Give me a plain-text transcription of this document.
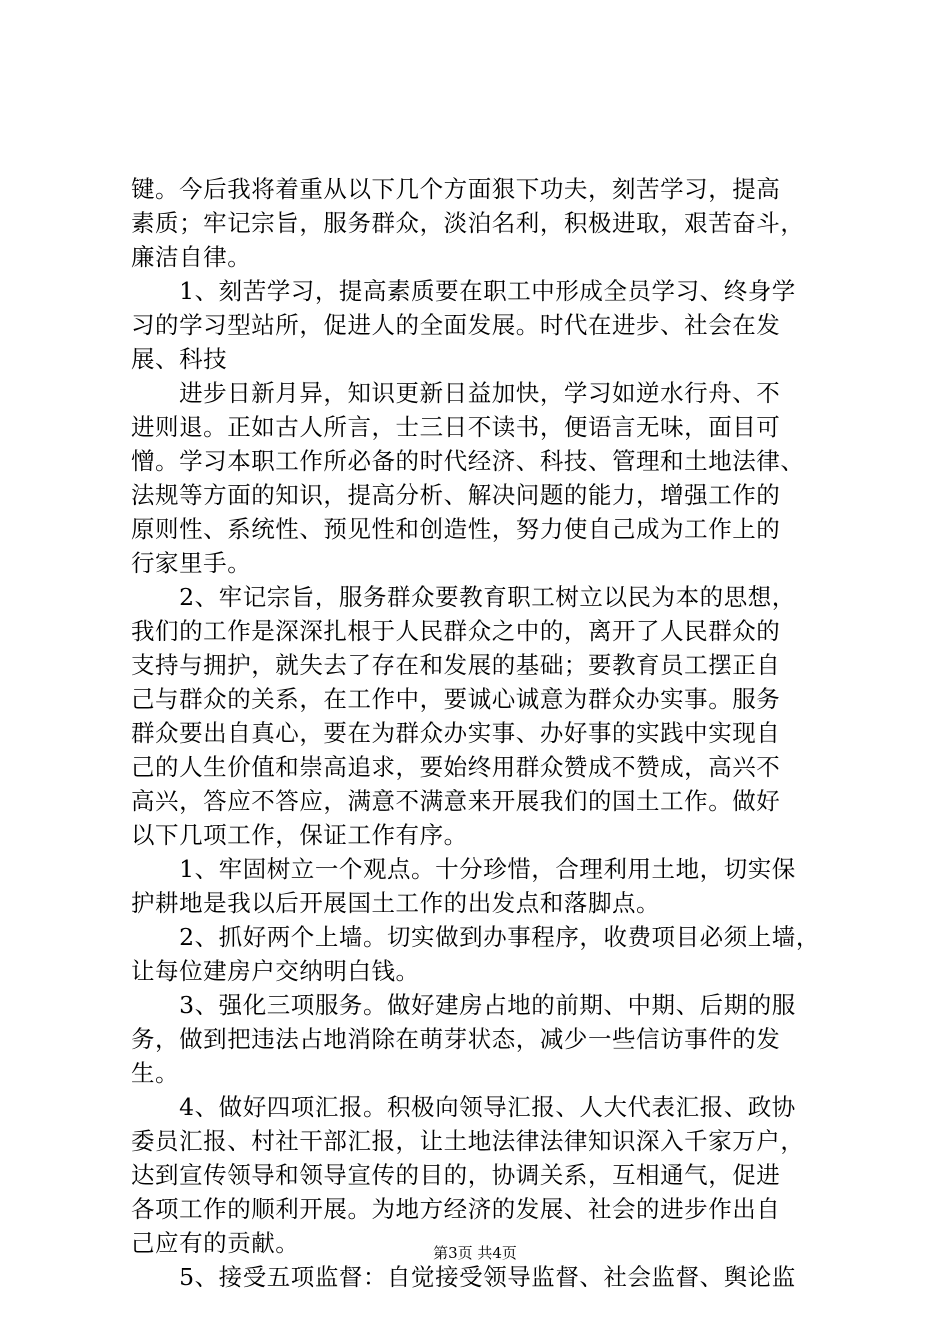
键。今后我将着重从以下几个方面狠下功夫，刻苦学习，提高
素质；牢记宗旨，服务群众，淡泊名利，积极进取，艰苦奋斗，
廉洁自律。
　　1、刻苦学习，提高素质要在职工中形成全员学习、终身学
习的学习型站所，促进人的全面发展。时代在进步、社会在发
展、科技
　　进步日新月异，知识更新日益加快，学习如逆水行舟、不
进则退。正如古人所言，士三日不读书，便语言无味，面目可
憎。学习本职工作所必备的时代经济、科技、管理和土地法律、
法规等方面的知识，提高分析、解决问题的能力，增强工作的
原则性、系统性、预见性和创造性，努力使自己成为工作上的
行家里手。
　　2、牢记宗旨，服务群众要教育职工树立以民为本的思想，
我们的工作是深深扎根于人民群众之中的，离开了人民群众的
支持与拥护，就失去了存在和发展的基础；要教育员工摆正自
己与群众的关系，在工作中，要诚心诚意为群众办实事。服务
群众要出自真心，要在为群众办实事、办好事的实践中实现自
己的人生价值和崇高追求，要始终用群众赞成不赞成，高兴不
高兴，答应不答应，满意不满意来开展我们的国土工作。做好
以下几项工作，保证工作有序。
　　1、牢固树立一个观点。十分珍惜，合理利用土地，切实保
护耕地是我以后开展国土工作的出发点和落脚点。
　　2、抓好两个上墙。切实做到办事程序，收费项目必须上墙，
让每位建房户交纳明白钱。
　　3、强化三项服务。做好建房占地的前期、中期、后期的服
务，做到把违法占地消除在萌芽状态，减少一些信访事件的发
生。
　　4、做好四项汇报。积极向领导汇报、人大代表汇报、政协
委员汇报、村社干部汇报，让土地法律法律知识深入千家万户，
达到宣传领导和领导宣传的目的，协调关系，互相通气，促进
各项工作的顺利开展。为地方经济的发展、社会的进步作出自
己应有的贡献。
　　5、接受五项监督：自觉接受领导监督、社会监督、舆论监
第3页 共4页
